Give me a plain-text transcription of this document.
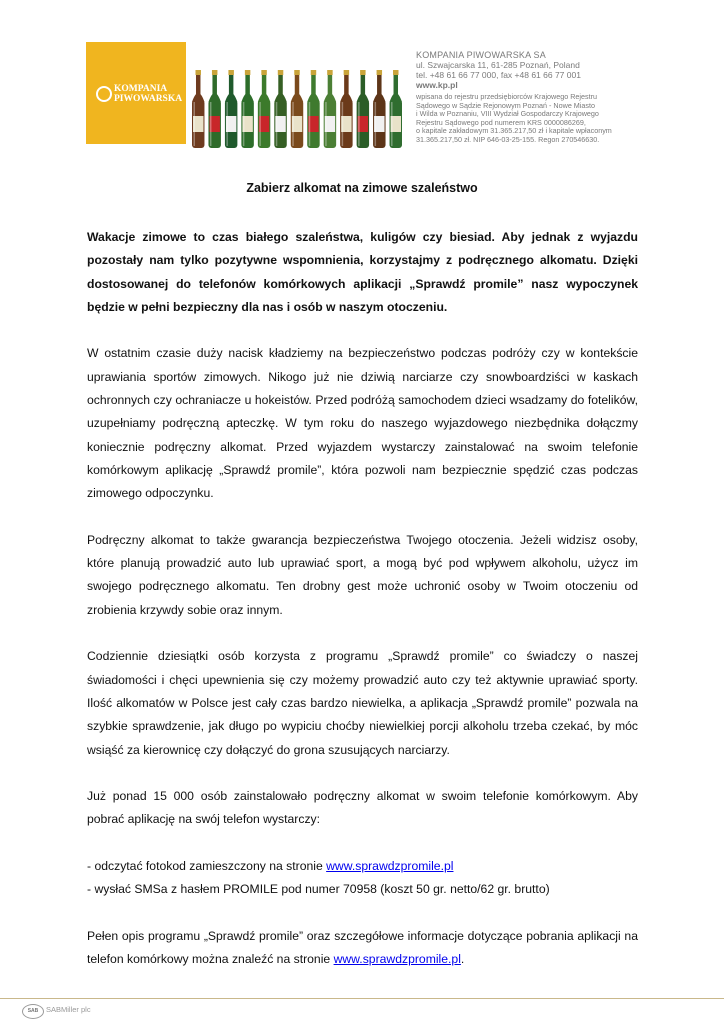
KOMPANIA
PIWOWARSKA
KOMPANIA PIWOWARSKA SA
ul. Szwajcarska 11, 61-285 Poznań, Poland
tel. +48 61 66 77 000, fax +48 61 66 77 001
www.kp.pl
wpisana do rejestru przedsiębiorców Krajowego Rejestru
Sądowego w Sądzie Rejonowym Poznań - Nowe Miasto
i Wilda w Poznaniu, VIII Wydział Gospodarczy Krajowego
Rejestru Sądowego pod numerem KRS 0000086269,
o kapitale zakładowym 31.365.217,50 zł i kapitale wpłaconym
31.365.217,50 zł. NIP 646-03-25-155. Regon 270546630.
Zabierz alkomat na zimowe szaleństwo

Wakacje zimowe to czas białego szaleństwa, kuligów czy biesiad. Aby jednak z wyjazdu pozostały nam tylko pozytywne wspomnienia, korzystajmy z podręcznego alkomatu. Dzięki dostosowanej do telefonów komórkowych aplikacji „Sprawdź promile” nasz wypoczynek będzie w pełni bezpieczny dla nas i osób w naszym otoczeniu.

W ostatnim czasie duży nacisk kładziemy na bezpieczeństwo podczas podróży czy w kontekście uprawiania sportów zimowych. Nikogo już nie dziwią narciarze czy snowboardziści w kaskach ochronnych czy ochraniacze u hokeistów. Przed podróżą samochodem dzieci wsadzamy do fotelików, uzupełniamy podręczną apteczkę. W tym roku do naszego wyjazdowego niezbędnika dołączmy koniecznie podręczny alkomat. Przed wyjazdem wystarczy zainstalować na swoim telefonie komórkowym aplikację „Sprawdź promile”, która pozwoli nam bezpiecznie spędzić czas podczas zimowego odpoczynku.

Podręczny alkomat to także gwarancja bezpieczeństwa Twojego otoczenia. Jeżeli widzisz osoby, które planują prowadzić auto lub uprawiać sport, a mogą być pod wpływem alkoholu, użycz im swojego podręcznego alkomatu. Ten drobny gest może uchronić osoby w Twoim otoczeniu od zrobienia krzywdy sobie oraz innym.

Codziennie dziesiątki osób korzysta z programu „Sprawdź promile” co świadczy o naszej świadomości i chęci upewnienia się czy możemy prowadzić auto czy też aktywnie uprawiać sporty. Ilość alkomatów w Polsce jest cały czas bardzo niewielka, a aplikacja „Sprawdź promile” pozwala na szybkie sprawdzenie, jak długo po wypiciu choćby niewielkiej porcji alkoholu trzeba czekać, by móc wsiąść za kierownicę czy dołączyć do grona szusujących narciarzy.

Już ponad 15 000 osób zainstalowało podręczny alkomat w swoim telefonie komórkowym. Aby pobrać aplikację na swój telefon wystarczy:

- odczytać fotokod zamieszczony na stronie www.sprawdzpromile.pl
- wysłać SMSa z hasłem PROMILE pod numer 70958 (koszt 50 gr. netto/62 gr. brutto)

Pełen opis programu „Sprawdź promile” oraz szczegółowe informacje dotyczące pobrania aplikacji na telefon komórkowy można znaleźć na stronie www.sprawdzpromile.pl.

SAB	SABMiller plc
